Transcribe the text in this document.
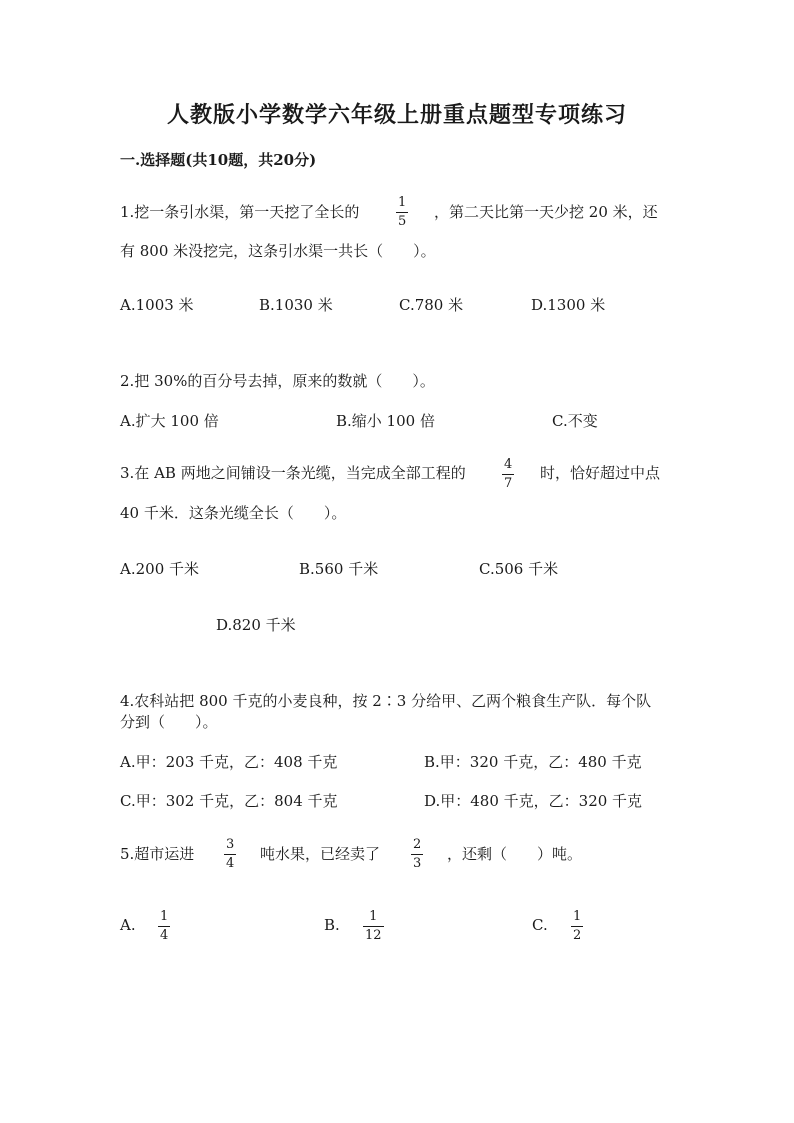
人教版小学数学六年级上册重点题型专项练习
一.选择题(共10题，共20分)
1.挖一条引水渠，第一天挖了全长的
1
5
，第二天比第一天少挖 20 米，还
有 800 米没挖完，这条引水渠一共长（　　）。
A.1003 米	B.1030 米	C.780 米	D.1300 米
2.把 30%的百分号去掉，原来的数就（　　）。
A.扩大 100 倍	B.缩小 100 倍	C.不变
3.在 AB 两地之间铺设一条光缆，当完成全部工程的	4
7
时，恰好超过中点
40 千米．这条光缆全长（　　）。
A.200 千米	B.560 千米	C.506 千米
D.820 千米
4.农科站把 800 千克的小麦良种，按 2∶3 分给甲、乙两个粮食生产队．每个队
分到（　　）。
A.甲：203 千克，乙：408 千克	B.甲：320 千克，乙：480 千克
C.甲：302 千克，乙：804 千克	D.甲：480 千克，乙：320 千克
5.超市运进
3
4
吨水果，已经卖了
2
3
，还剩（　　）吨。
A. 1
4
B. 1
12
C. 1
2
